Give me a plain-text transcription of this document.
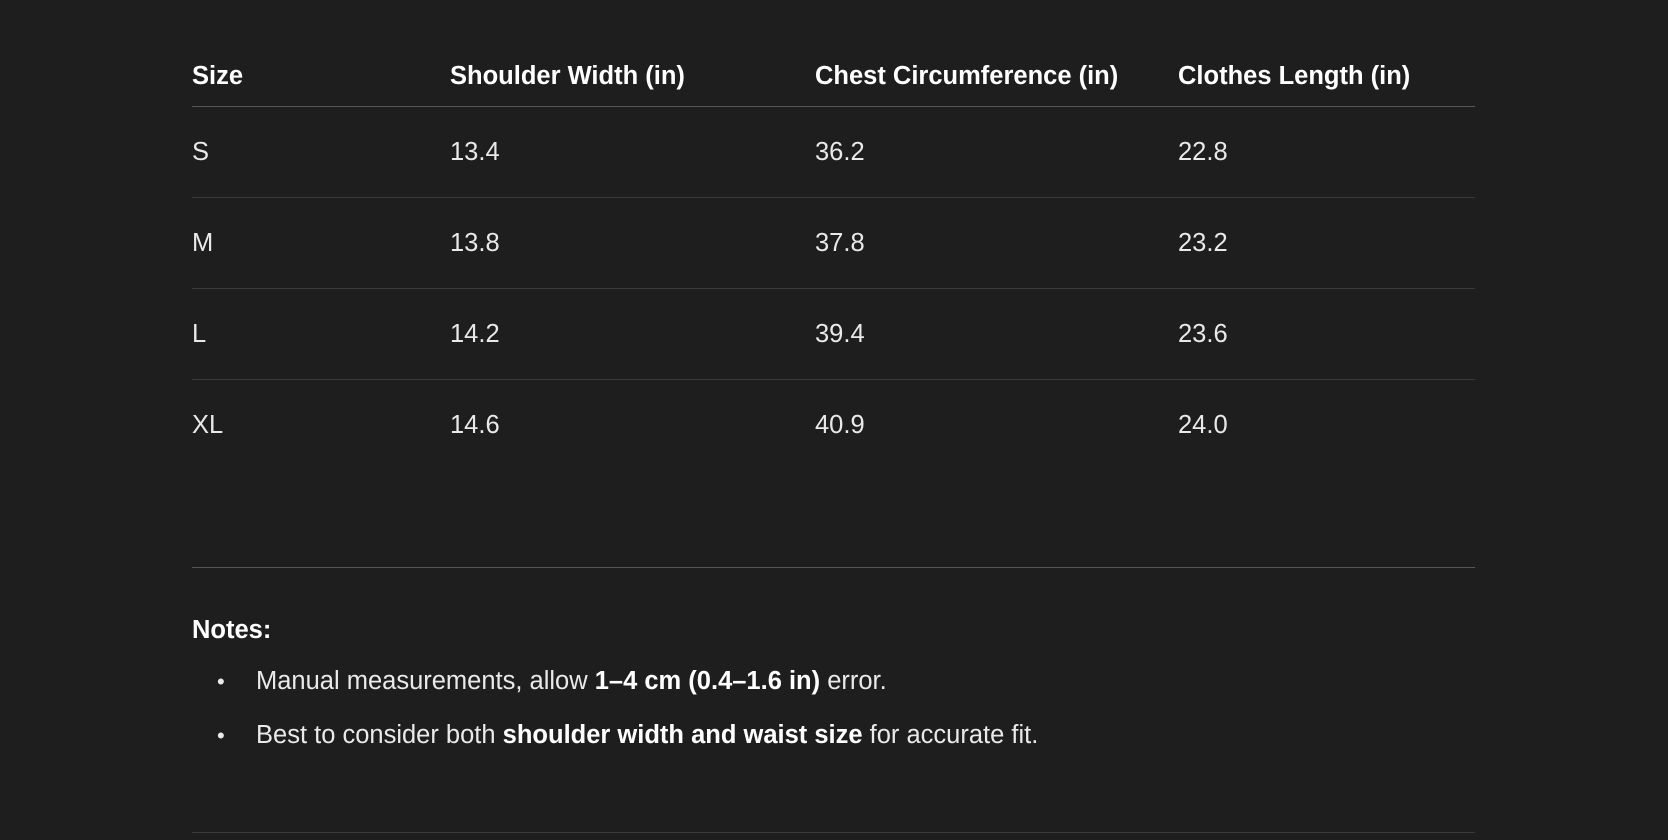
Size	Shoulder Width (in)	Chest Circumference (in)	Clothes Length (in)
S	13.4	36.2	22.8
M	13.8	37.8	23.2
L	14.2	39.4	23.6
XL	14.6	40.9	24.0
Notes:
• Manual measurements, allow 1–4 cm (0.4–1.6 in) error.
• Best to consider both shoulder width and waist size for accurate fit.
